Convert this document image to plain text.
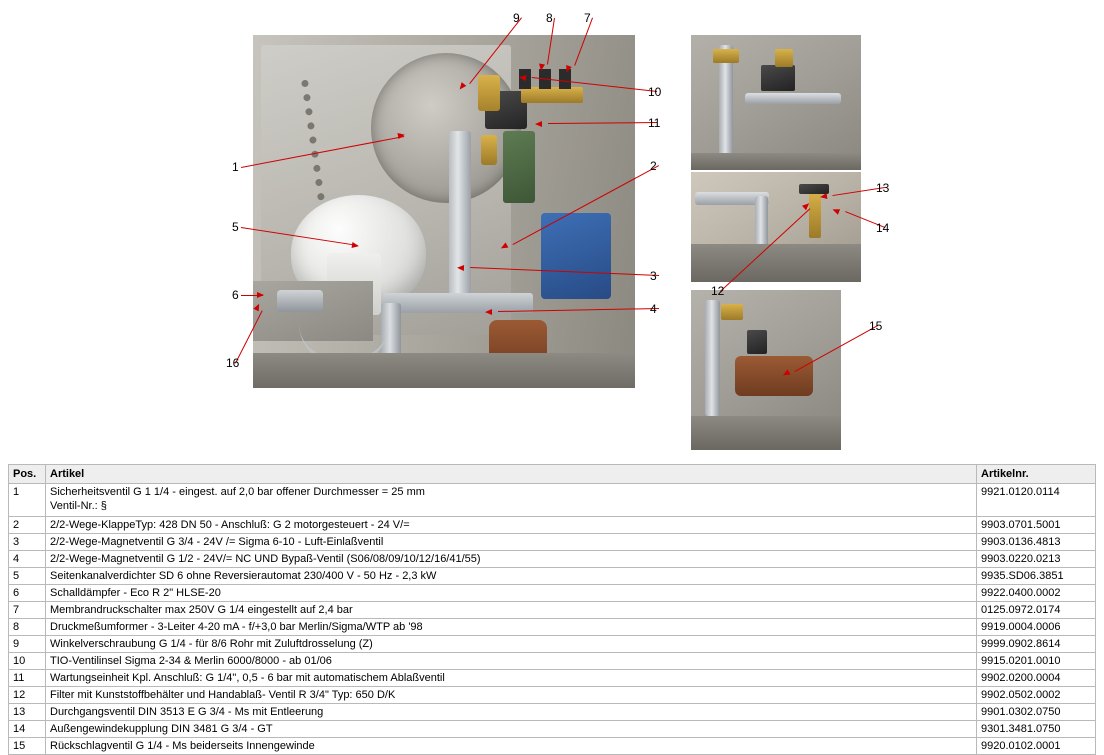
1	2
3
4
5
6
7
8
9
10
11
12
13
14
15
16
Pos.	Artikel	Artikelnr.
1	Sicherheitsventil G 1 1/4 - eingest. auf 2,0 bar offener Durchmesser = 25 mm
Ventil-Nr.: §	9921.0120.0114
2	2/2-Wege-KlappeTyp: 428 DN 50 - Anschluß: G 2 motorgesteuert - 24 V/=	9903.0701.5001
3	2/2-Wege-Magnetventil G 3/4 - 24V /= Sigma 6-10 - Luft-Einlaßventil	9903.0136.4813
4	2/2-Wege-Magnetventil G 1/2 - 24V/= NC UND Bypaß-Ventil (S06/08/09/10/12/16/41/55)	9903.0220.0213
5	Seitenkanalverdichter SD 6 ohne Reversierautomat 230/400 V - 50 Hz - 2,3 kW	9935.SD06.3851
6	Schalldämpfer - Eco R 2" HLSE-20	9922.0400.0002
7	Membrandruckschalter max 250V G 1/4 eingestellt auf 2,4 bar	0125.0972.0174
8	Druckmeßumformer - 3-Leiter 4-20 mA - f/+3,0 bar Merlin/Sigma/WTP ab '98	9919.0004.0006
9	Winkelverschraubung G 1/4 - für 8/6 Rohr mit Zuluftdrosselung (Z)	9999.0902.8614
10	TIO-Ventilinsel Sigma 2-34 & Merlin 6000/8000 - ab 01/06	9915.0201.0010
11	Wartungseinheit Kpl. Anschluß: G 1/4", 0,5 - 6 bar mit automatischem Ablaßventil	9902.0200.0004
12	Filter mit Kunststoffbehälter und Handablaß- Ventil R 3/4" Typ: 650 D/K	9902.0502.0002
13	Durchgangsventil DIN 3513 E G 3/4 - Ms mit Entleerung	9901.0302.0750
14	Außengewindekupplung DIN 3481 G 3/4 - GT	9301.3481.0750
15	Rückschlagventil G 1/4 - Ms beiderseits Innengewinde	9920.0102.0001
